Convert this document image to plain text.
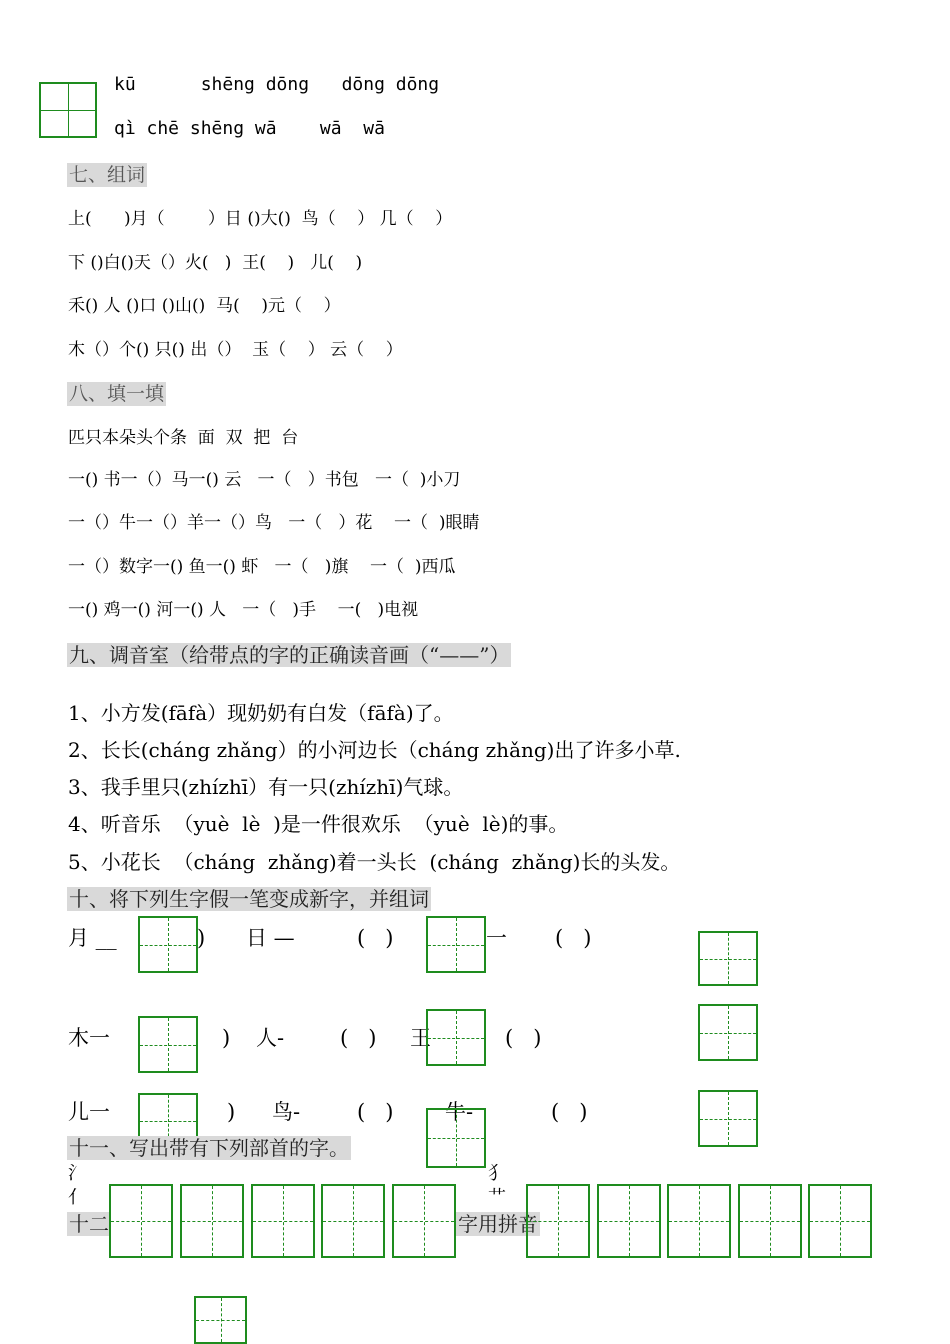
kū      shēng dōng   dōng dōng
qì chē shēng wā    wā  wā
七、组词
上(      )月（        ）日 ()大()  鸟（    ） 几（    ）
下 ()白()天（）火(   )  王(    )   儿(    )
禾() 人 ()口 ()山()  马(    )元（    ）
木（）个() 只() 出（）  玉（    ） 云（    ）
八、填一填
匹只本朵头个条  面  双  把  台
一() 书一（）马一() 云   一（   ）书包   一（  )小刀
一（）牛一（）羊一（）鸟   一（   ）花    一（  )眼睛
一（）数字一() 鱼一() 虾   一（   )旗    一（  )西瓜
一() 鸡一() 河一() 人   一（   )手    一(   )电视
九、调音室（给带点的字的正确读音画（“——”）
1、小方发(fāfà）现奶奶有白发（fāfà)了。
2、长长(cháng zhǎng）的小河边长（cháng zhǎng)出了许多小草.
3、我手里只(zhízhī）有一只(zhízhī)气球。
4、听音乐  （yuè  lè  )是一件很欢乐  （yuè  lè)的事。
5、小花长  （cháng  zhǎng)着一头长  (cháng  zhǎng)长的头发。
十、将下列生字假一笔变成新字，并组词
月 __	) 日 —	(   )	一 (   )
木一	) 人-	(   ) 王	(   )
儿一	) 鸟-	(   ) 牛-	(   )
十一、写出带有下列部首的字。
氵
亻
犭
艹
十二	字用拼音
